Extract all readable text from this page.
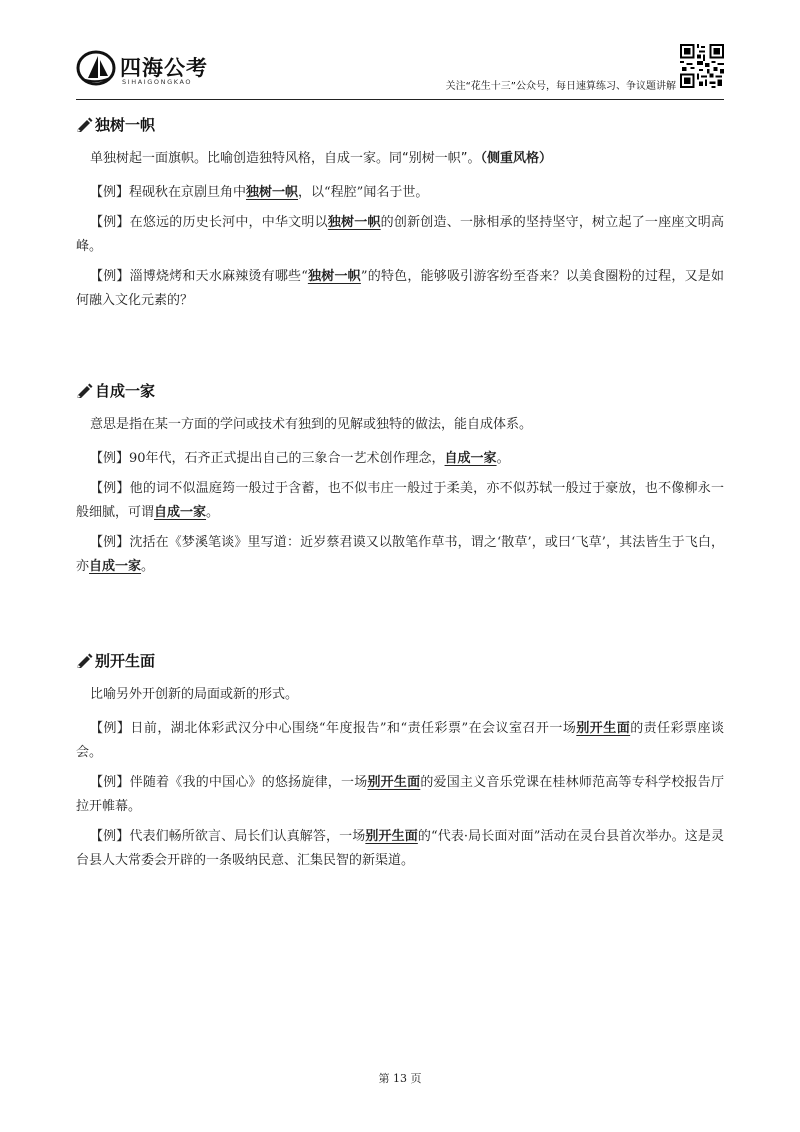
四海公考
SIHAIGONGKAO	关注“花生十三”公众号，每日速算练习、争议题讲解
独树一帜

单独树起一面旗帜。比喻创造独特风格，自成一家。同“别树一帜”。（侧重风格）

【例】程砚秋在京剧旦角中独树一帜，以“程腔”闻名于世。

【例】在悠远的历史长河中，中华文明以独树一帜的创新创造、一脉相承的坚持坚守，树立起了一座座文明高峰。

【例】淄博烧烤和天水麻辣烫有哪些“独树一帜”的特色，能够吸引游客纷至沓来？以美食圈粉的过程，又是如何融入文化元素的？

自成一家

意思是指在某一方面的学问或技术有独到的见解或独特的做法，能自成体系。

【例】90年代，石齐正式提出自己的三象合一艺术创作理念，自成一家。

【例】他的词不似温庭筠一般过于含蓄，也不似韦庄一般过于柔美，亦不似苏轼一般过于豪放，也不像柳永一般细腻，可谓自成一家。

【例】沈括在《梦溪笔谈》里写道：近岁蔡君谟又以散笔作草书，谓之‘散草’，或曰‘飞草’，其法皆生于飞白，亦自成一家。

别开生面

比喻另外开创新的局面或新的形式。

【例】日前，湖北体彩武汉分中心围绕“年度报告”和“责任彩票”在会议室召开一场别开生面的责任彩票座谈会。

【例】伴随着《我的中国心》的悠扬旋律，一场别开生面的爱国主义音乐党课在桂林师范高等专科学校报告厅拉开帷幕。

【例】代表们畅所欲言、局长们认真解答，一场别开生面的“代表·局长面对面”活动在灵台县首次举办。这是灵台县人大常委会开辟的一条吸纳民意、汇集民智的新渠道。

第 13 页
